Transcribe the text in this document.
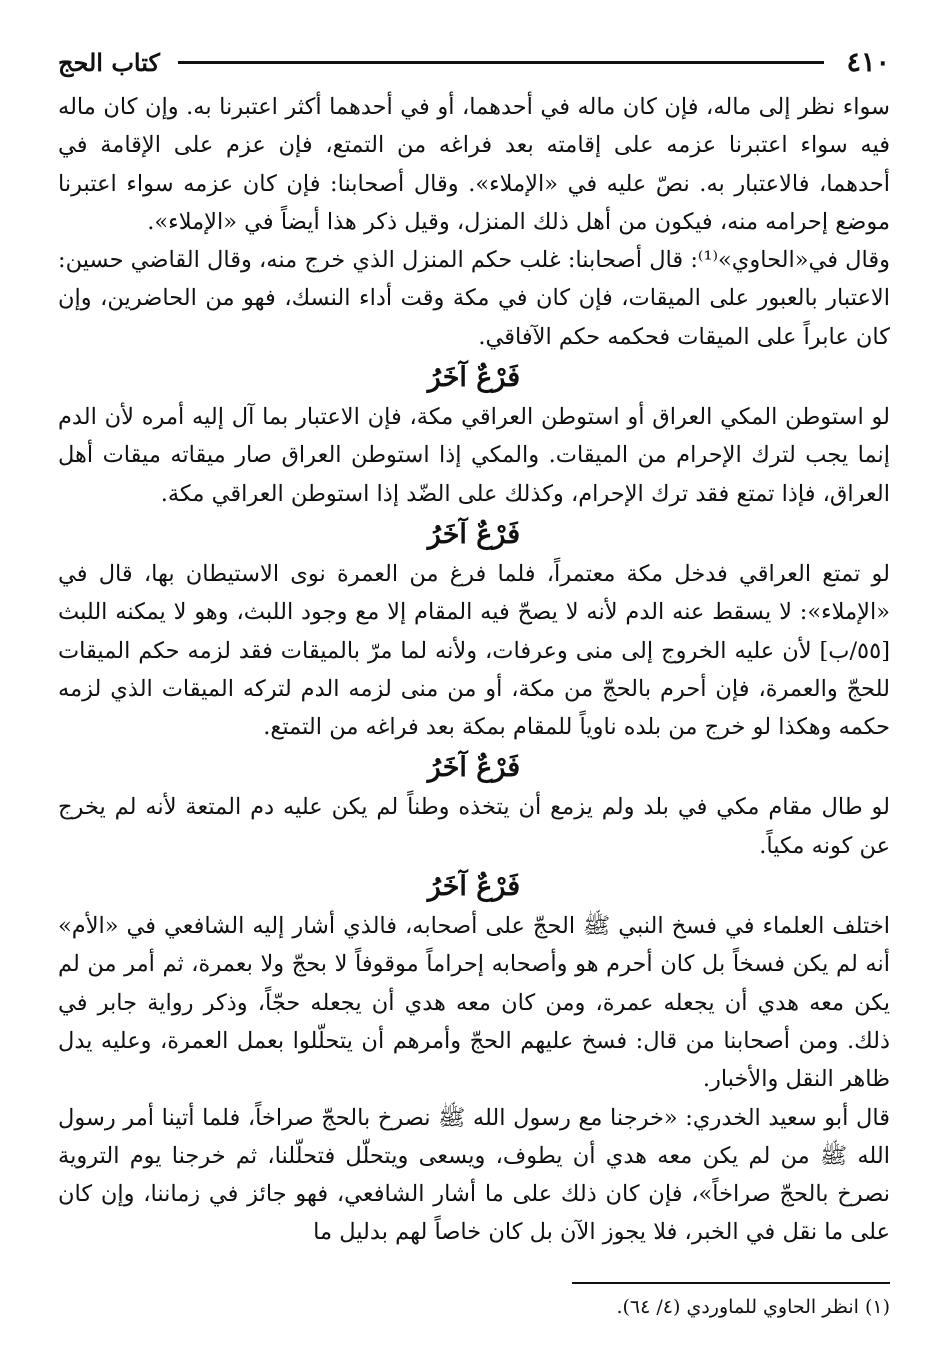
٤١٠
كتاب الحج

سواء نظر إلى ماله، فإن كان ماله في أحدهما، أو في أحدهما أكثر اعتبرنا به. وإن كان ماله فيه سواء اعتبرنا عزمه على إقامته بعد فراغه من التمتع، فإن عزم على الإقامة في أحدهما، فالاعتبار به. نصّ عليه في «الإملاء». وقال أصحابنا: فإن كان عزمه سواء اعتبرنا موضع إحرامه منه، فيكون من أهل ذلك المنزل، وقيل ذكر هذا أيضاً في «الإملاء».

وقال في«الحاوي»⁽¹⁾: قال أصحابنا: غلب حكم المنزل الذي خرج منه، وقال القاضي حسين: الاعتبار بالعبور على الميقات، فإن كان في مكة وقت أداء النسك، فهو من الحاضرين، وإن كان عابراً على الميقات فحكمه حكم الآفاقي.

فَرْعٌ آخَرُ

لو استوطن المكي العراق أو استوطن العراقي مكة، فإن الاعتبار بما آل إليه أمره لأن الدم إنما يجب لترك الإحرام من الميقات. والمكي إذا استوطن العراق صار ميقاته ميقات أهل العراق، فإذا تمتع فقد ترك الإحرام، وكذلك على الضّد إذا استوطن العراقي مكة.

فَرْعٌ آخَرُ

لو تمتع العراقي فدخل مكة معتمراً، فلما فرغ من العمرة نوى الاستيطان بها، قال في «الإملاء»: لا يسقط عنه الدم لأنه لا يصحّ فيه المقام إلا مع وجود اللبث، وهو لا يمكنه اللبث [٥٥/ب] لأن عليه الخروج إلى منى وعرفات، ولأنه لما مرّ بالميقات فقد لزمه حكم الميقات للحجّ والعمرة، فإن أحرم بالحجّ من مكة، أو من منى لزمه الدم لتركه الميقات الذي لزمه حكمه وهكذا لو خرج من بلده ناوياً للمقام بمكة بعد فراغه من التمتع.

فَرْعٌ آخَرُ

لو طال مقام مكي في بلد ولم يزمع أن يتخذه وطناً لم يكن عليه دم المتعة لأنه لم يخرج عن كونه مكياً.

فَرْعٌ آخَرُ

اختلف العلماء في فسخ النبي ﷺ الحجّ على أصحابه، فالذي أشار إليه الشافعي في «الأم» أنه لم يكن فسخاً بل كان أحرم هو وأصحابه إحراماً موقوفاً لا بحجّ ولا بعمرة، ثم أمر من لم يكن معه هدي أن يجعله عمرة، ومن كان معه هدي أن يجعله حجّاً، وذكر رواية جابر في ذلك. ومن أصحابنا من قال: فسخ عليهم الحجّ وأمرهم أن يتحلّلوا بعمل العمرة، وعليه يدل ظاهر النقل والأخبار.

قال أبو سعيد الخدري: «خرجنا مع رسول الله ﷺ نصرخ بالحجّ صراخاً، فلما أتينا أمر رسول الله ﷺ من لم يكن معه هدي أن يطوف، ويسعى ويتحلّل فتحلّلنا، ثم خرجنا يوم التروية نصرخ بالحجّ صراخاً»، فإن كان ذلك على ما أشار الشافعي، فهو جائز في زماننا، وإن كان على ما نقل في الخبر، فلا يجوز الآن بل كان خاصاً لهم بدليل ما

(١) انظر الحاوي للماوردي (٤/ ٦٤).
